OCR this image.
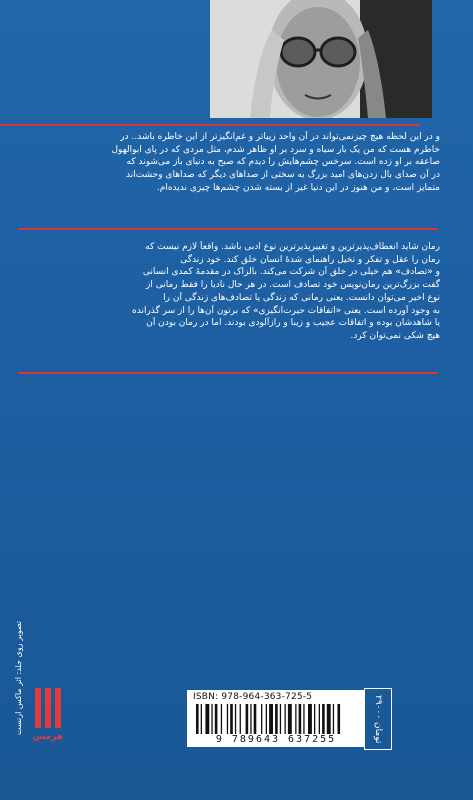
و در این لحظه هیچ چیزنمی‌تواند در آن واحد زیباتر و غم‌انگیزتر از این خاطره باشد.. در
خاطرم هست که من یک بار سیاه و سرد بر او ظاهر شدم، مثل مردی که در پای ابوالهول
صاعقه بر او زده است. سرخس چشم‌هایش را دیدم که صبح به دنیای باز می‌شوند که
در آن صدای بال زدن‌های امید بزرگ به سختی از صداهای دیگر که صداهای وحشت‌اند
متمایز است، و من هنوز در این دنیا غیر از بسته شدن چشم‌ها چیزی ندیده‌ام.
رمان شاید انعطاف‌پذیرترین و تغییرپذیرترین نوع ادبی باشد. واقعاً لازم نیست که
رمان را عقل و تفکر و تخیل راهنمای شدهٔ انسان خلق کند. خود زندگی
و «تصادف» هم خیلی در خلق آن شرکت می‌کند. بالزاک در مقدمهٔ کمدی انسانی
گفت بزرگ‌ترین رمان‌نویس خود تصادف است. در هر حال نادیا را فقط رمانی از
نوع اخیر می‌توان دانست. یعنی رمانی که زندگی یا تصادف‌های زندگی آن را
به وجود آورده است. یعنی «اتفاقات حیرت‌انگیزی» که برتون آن‌ها را از سر گذرانده
یا شاهدشان بوده و اتفاقات عجیب و زیبا و رازآلودی بودند. اما در رمان بودن آن
هیچ شکی نمی‌توان کرد.
تصویر روی جلد: اثر ماکس ارنست
هرمس
ISBN: 978-964-363-725-5
9 789643 637255
۲۹۰۰۰ تومان
